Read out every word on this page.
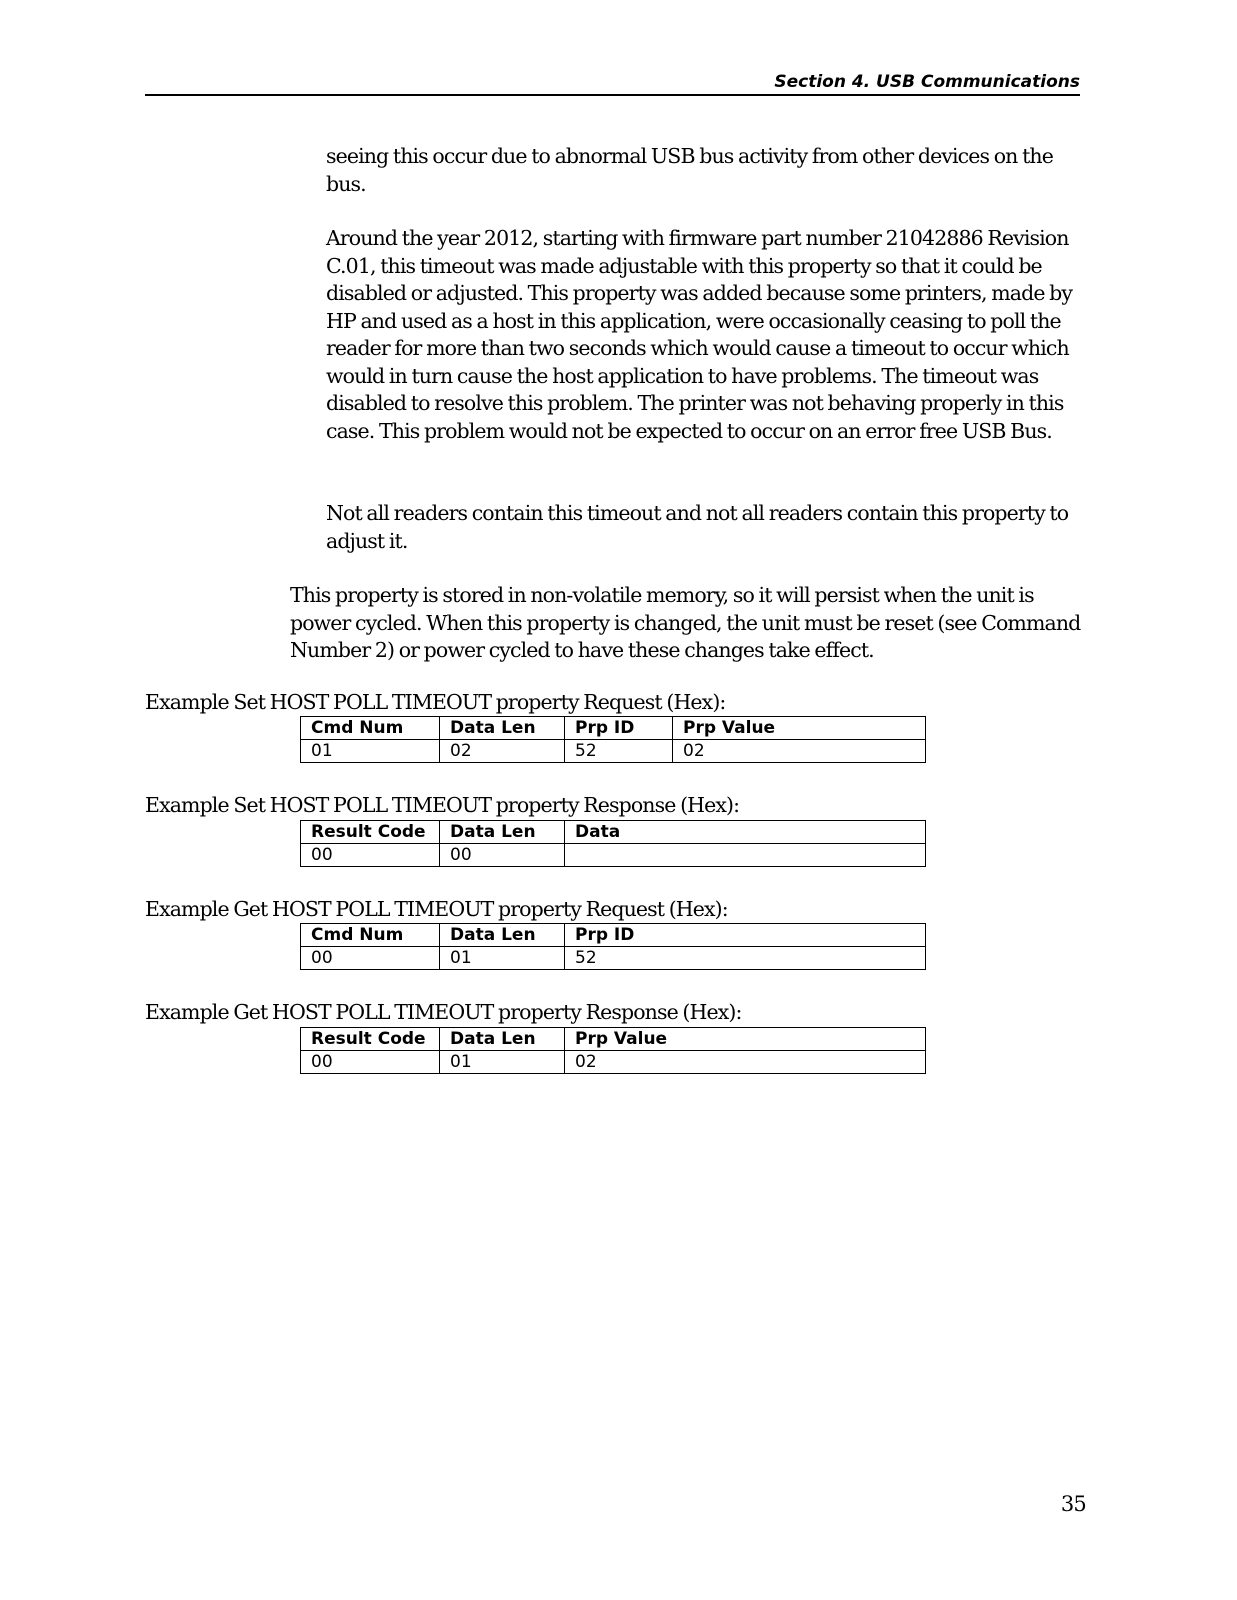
Section 4. USB Communications

seeing this occur due to abnormal USB bus activity from other devices on the bus.

Around the year 2012, starting with firmware part number 21042886 Revision C.01, this timeout was made adjustable with this property so that it could be disabled or adjusted. This property was added because some printers, made by HP and used as a host in this application, were occasionally ceasing to poll the reader for more than two seconds which would cause a timeout to occur which would in turn cause the host application to have problems. The timeout was disabled to resolve this problem. The printer was not behaving properly in this case. This problem would not be expected to occur on an error free USB Bus.

Not all readers contain this timeout and not all readers contain this property to adjust it.

This property is stored in non-volatile memory, so it will persist when the unit is power cycled. When this property is changed, the unit must be reset (see Command Number 2) or power cycled to have these changes take effect.

Example Set HOST POLL TIMEOUT property Request (Hex):

Cmd Num	Data Len	Prp ID	Prp Value
01	02	52	02

Example Set HOST POLL TIMEOUT property Response (Hex):

Result Code	Data Len	Data
00	00	

Example Get HOST POLL TIMEOUT property Request (Hex):

Cmd Num	Data Len	Prp ID
00	01	52

Example Get HOST POLL TIMEOUT property Response (Hex):

Result Code	Data Len	Prp Value
00	01	02
35
